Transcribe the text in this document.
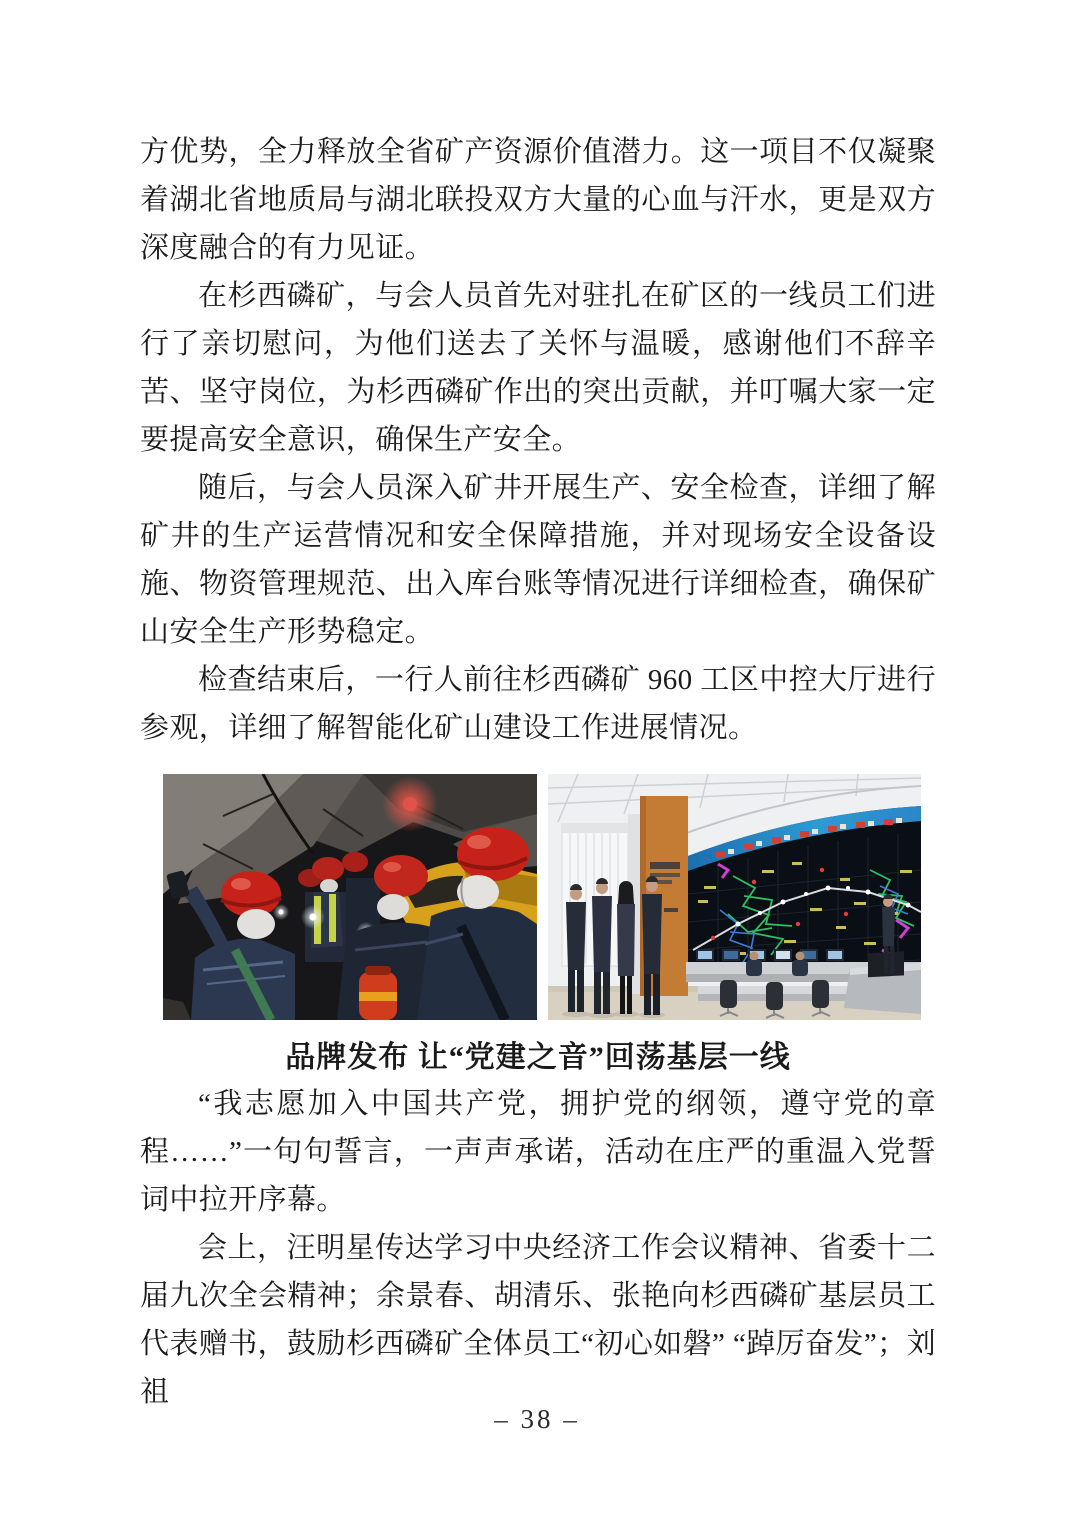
方优势，全力释放全省矿产资源价值潜力。这一项目不仅凝聚着湖北省地质局与湖北联投双方大量的心血与汗水，更是双方深度融合的有力见证。

在杉西磷矿，与会人员首先对驻扎在矿区的一线员工们进行了亲切慰问，为他们送去了关怀与温暖，感谢他们不辞辛苦、坚守岗位，为杉西磷矿作出的突出贡献，并叮嘱大家一定要提高安全意识，确保生产安全。

随后，与会人员深入矿井开展生产、安全检查，详细了解矿井的生产运营情况和安全保障措施，并对现场安全设备设施、物资管理规范、出入库台账等情况进行详细检查，确保矿山安全生产形势稳定。

检查结束后，一行人前往杉西磷矿 960 工区中控大厅进行参观，详细了解智能化矿山建设工作进展情况。

品牌发布 让“党建之音”回荡基层一线

“我志愿加入中国共产党，拥护党的纲领，遵守党的章程……”一句句誓言，一声声承诺，活动在庄严的重温入党誓词中拉开序幕。

会上，汪明星传达学习中央经济工作会议精神、省委十二届九次全会精神；余景春、胡清乐、张艳向杉西磷矿基层员工代表赠书，鼓励杉西磷矿全体员工“初心如磐” “踔厉奋发”；刘祖

– 38 –
